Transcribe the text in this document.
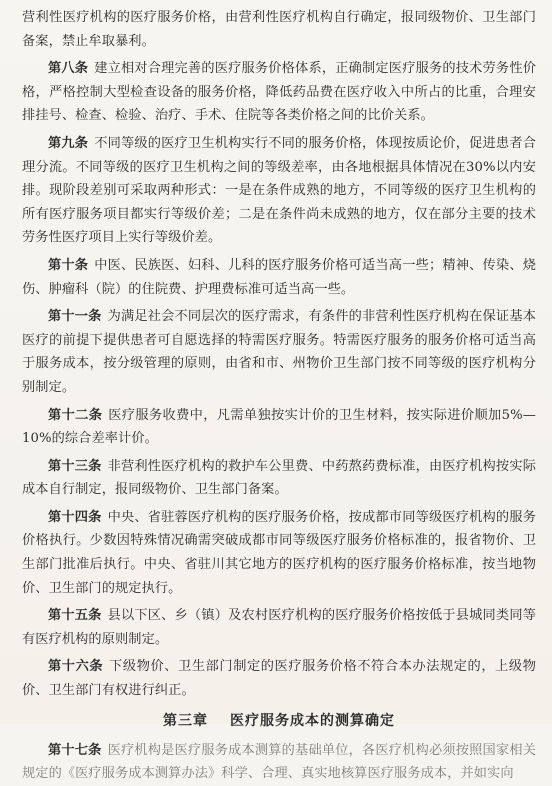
营利性医疗机构的医疗服务价格，由营利性医疗机构自行确定，报同级物价、卫生部门备案，禁止牟取暴利。

第八条 建立相对合理完善的医疗服务价格体系，正确制定医疗服务的技术劳务性价格，严格控制大型检查设备的服务价格，降低药品费在医疗收入中所占的比重，合理安排挂号、检查、检验、治疗、手术、住院等各类价格之间的比价关系。

第九条 不同等级的医疗卫生机构实行不同的服务价格，体现按质论价，促进患者合理分流。不同等级的医疗卫生机构之间的等级差率，由各地根据具体情况在30%以内安排。现阶段差别可采取两种形式：一是在条件成熟的地方，不同等级的医疗卫生机构的所有医疗服务项目都实行等级价差；二是在条件尚未成熟的地方，仅在部分主要的技术劳务性医疗项目上实行等级价差。

第十条 中医、民族医、妇科、儿科的医疗服务价格可适当高一些；精神、传染、烧伤、肿瘤科（院）的住院费、护理费标准可适当高一些。

第十一条 为满足社会不同层次的医疗需求，有条件的非营利性医疗机构在保证基本医疗的前提下提供患者可自愿选择的特需医疗服务。特需医疗服务的服务价格可适当高于服务成本，按分级管理的原则，由省和市、州物价卫生部门按不同等级的医疗机构分别制定。

第十二条 医疗服务收费中，凡需单独按实计价的卫生材料，按实际进价顺加5%—10%的综合差率计价。

第十三条 非营利性医疗机构的救护车公里费、中药熬药费标准，由医疗机构按实际成本自行制定，报同级物价、卫生部门备案。

第十四条 中央、省驻蓉医疗机构的医疗服务价格，按成都市同等级医疗机构的服务价格执行。少数因特殊情况确需突破成都市同等级医疗服务价格标准的，报省物价、卫生部门批准后执行。中央、省驻川其它地方的医疗机构的医疗服务价格标准，按当地物价、卫生部门的规定执行。

第十五条 县以下区、乡（镇）及农村医疗机构的医疗服务价格按低于县城同类同等有医疗机构的原则制定。

第十六条 下级物价、卫生部门制定的医疗服务价格不符合本办法规定的，上级物价、卫生部门有权进行纠正。

第三章 医疗服务成本的测算确定

第十七条 医疗机构是医疗服务成本测算的基础单位，各医疗机构必须按照国家相关规定的《医疗服务成本测算办法》科学、合理、真实地核算医疗服务成本，并如实向
